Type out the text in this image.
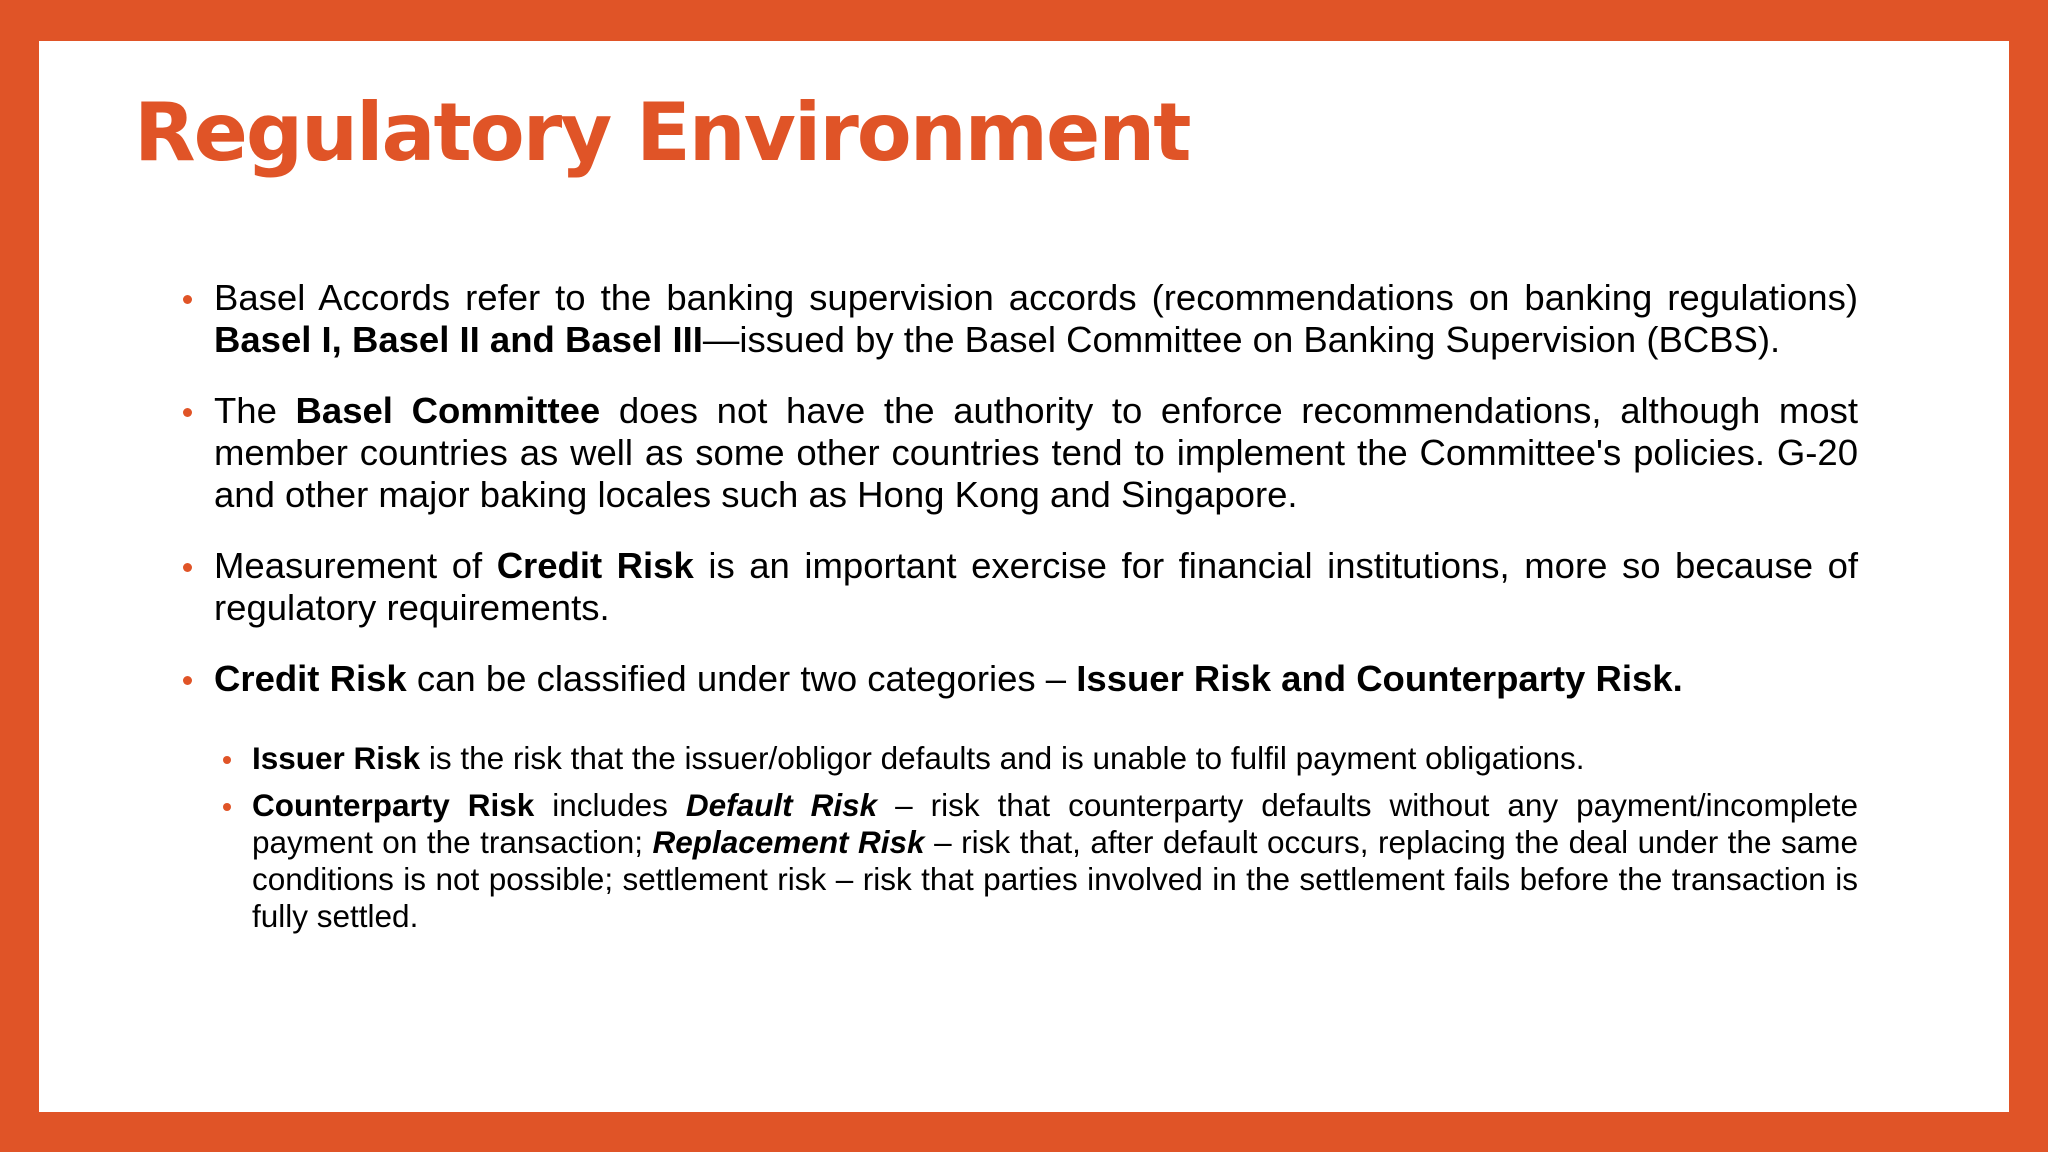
Regulatory Environment
Basel Accords refer to the banking supervision accords (recommendations on banking regulations) Basel I, Basel II and Basel III—issued by the Basel Committee on Banking Supervision (BCBS).
The Basel Committee does not have the authority to enforce recommendations, although most member countries as well as some other countries tend to implement the Committee's policies. G-20 and other major baking locales such as Hong Kong and Singapore.
Measurement of Credit Risk is an important exercise for financial institutions, more so because of regulatory requirements.
Credit Risk can be classified under two categories – Issuer Risk and Counterparty Risk.
Issuer Risk is the risk that the issuer/obligor defaults and is unable to fulfil payment obligations.
Counterparty Risk includes Default Risk – risk that counterparty defaults without any payment/incomplete payment on the transaction; Replacement Risk – risk that, after default occurs, replacing the deal under the same conditions is not possible; settlement risk – risk that parties involved in the settlement fails before the transaction is fully settled.
